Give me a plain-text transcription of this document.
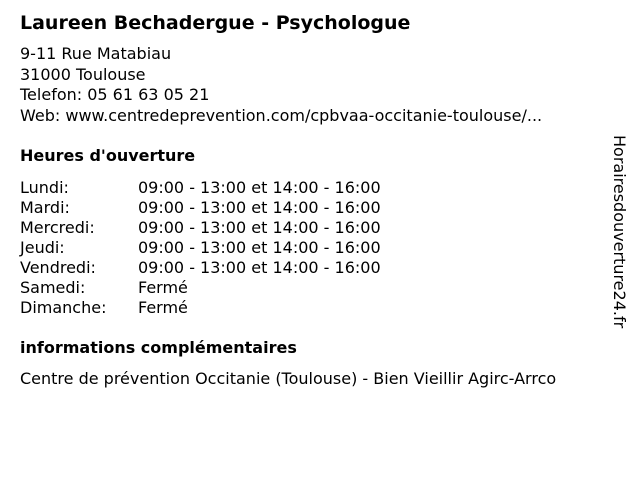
Laureen Bechadergue - Psychologue
9-11 Rue Matabiau
31000 Toulouse
Telefon: 05 61 63 05 21
Web: www.centredeprevention.com/cpbvaa-occitanie-toulouse/...
Heures d'ouverture
Lundi:	09:00 - 13:00 et 14:00 - 16:00
Mardi:	09:00 - 13:00 et 14:00 - 16:00
Mercredi:	09:00 - 13:00 et 14:00 - 16:00
Jeudi:	09:00 - 13:00 et 14:00 - 16:00
Vendredi:	09:00 - 13:00 et 14:00 - 16:00
Samedi:	Fermé
Dimanche:	Fermé
informations complémentaires
Centre de prévention Occitanie (Toulouse) - Bien Vieillir Agirc-Arrco
Horairesdouverture24.fr
